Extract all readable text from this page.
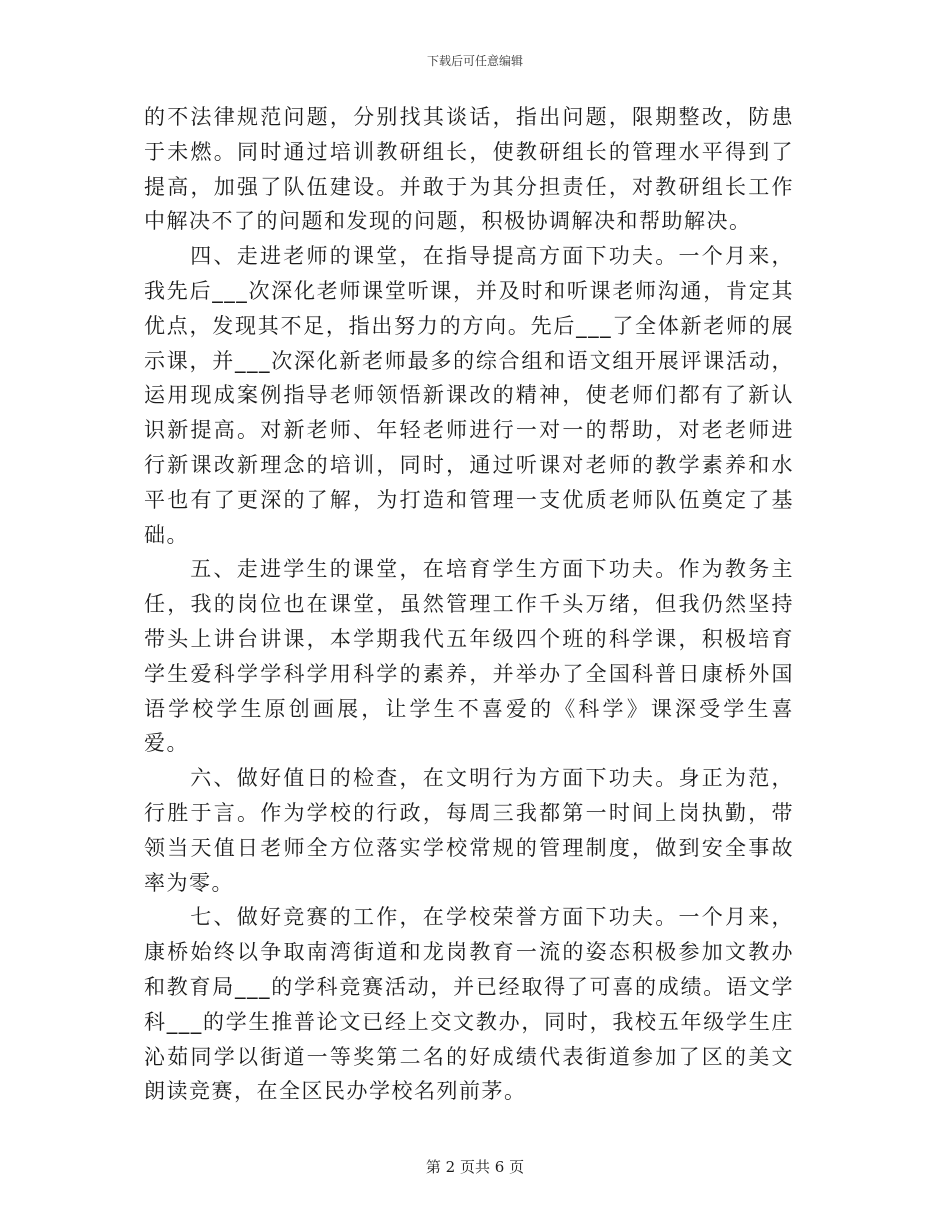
下载后可任意编辑

的不法律规范问题，分别找其谈话，指出问题，限期整改，防患于未燃。同时通过培训教研组长，使教研组长的管理水平得到了提高，加强了队伍建设。并敢于为其分担责任，对教研组长工作中解决不了的问题和发现的问题，积极协调解决和帮助解决。

四、走进老师的课堂，在指导提高方面下功夫。一个月来，我先后___次深化老师课堂听课，并及时和听课老师沟通，肯定其优点，发现其不足，指出努力的方向。先后___了全体新老师的展示课，并___次深化新老师最多的综合组和语文组开展评课活动，运用现成案例指导老师领悟新课改的精神，使老师们都有了新认识新提高。对新老师、年轻老师进行一对一的帮助，对老老师进行新课改新理念的培训，同时，通过听课对老师的教学素养和水平也有了更深的了解，为打造和管理一支优质老师队伍奠定了基础。

五、走进学生的课堂，在培育学生方面下功夫。作为教务主任，我的岗位也在课堂，虽然管理工作千头万绪，但我仍然坚持带头上讲台讲课，本学期我代五年级四个班的科学课，积极培育学生爱科学学科学用科学的素养，并举办了全国科普日康桥外国语学校学生原创画展，让学生不喜爱的《科学》课深受学生喜爱。

六、做好值日的检查，在文明行为方面下功夫。身正为范，行胜于言。作为学校的行政，每周三我都第一时间上岗执勤，带领当天值日老师全方位落实学校常规的管理制度，做到安全事故率为零。

七、做好竞赛的工作，在学校荣誉方面下功夫。一个月来，康桥始终以争取南湾街道和龙岗教育一流的姿态积极参加文教办和教育局___的学科竞赛活动，并已经取得了可喜的成绩。语文学科___的学生推普论文已经上交文教办，同时，我校五年级学生庄沁茹同学以街道一等奖第二名的好成绩代表街道参加了区的美文朗读竞赛，在全区民办学校名列前茅。

第 2 页共 6 页
